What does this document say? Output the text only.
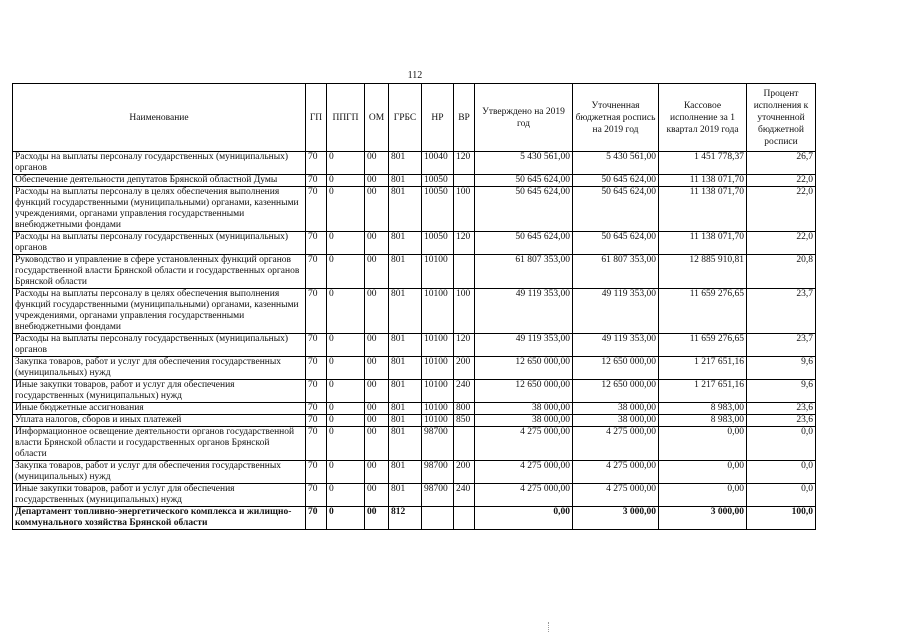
112
Наименование	ГП	ППГП	ОМ	ГРБС	НР	ВР	Утверждено на 2019 год	Уточненная бюджетная роспись на 2019 год	Кассовое исполнение за 1 квартал 2019 года	Процент исполнения к уточненной бюджетной росписи
Расходы на выплаты персоналу государственных (муниципальных) органов	70	0	00	801	10040	120	5 430 561,00	5 430 561,00	1 451 778,37	26,7
Обеспечение деятельности депутатов Брянской областной Думы	70	0	00	801	10050		50 645 624,00	50 645 624,00	11 138 071,70	22,0
Расходы на выплаты персоналу в целях обеспечения выполнения функций государственными (муниципальными) органами, казенными учреждениями, органами управления государственными внебюджетными фондами	70	0	00	801	10050	100	50 645 624,00	50 645 624,00	11 138 071,70	22,0
Расходы на выплаты персоналу государственных (муниципальных) органов	70	0	00	801	10050	120	50 645 624,00	50 645 624,00	11 138 071,70	22,0
Руководство и управление в сфере установленных функций органов государственной власти Брянской области и государственных органов Брянской области	70	0	00	801	10100		61 807 353,00	61 807 353,00	12 885 910,81	20,8
Расходы на выплаты персоналу в целях обеспечения выполнения функций государственными (муниципальными) органами, казенными учреждениями, органами управления государственными внебюджетными фондами	70	0	00	801	10100	100	49 119 353,00	49 119 353,00	11 659 276,65	23,7
Расходы на выплаты персоналу государственных (муниципальных) органов	70	0	00	801	10100	120	49 119 353,00	49 119 353,00	11 659 276,65	23,7
Закупка товаров, работ и услуг для обеспечения государственных (муниципальных) нужд	70	0	00	801	10100	200	12 650 000,00	12 650 000,00	1 217 651,16	9,6
Иные закупки товаров, работ и услуг для обеспечения государственных (муниципальных) нужд	70	0	00	801	10100	240	12 650 000,00	12 650 000,00	1 217 651,16	9,6
Иные бюджетные ассигнования	70	0	00	801	10100	800	38 000,00	38 000,00	8 983,00	23,6
Уплата налогов, сборов и иных платежей	70	0	00	801	10100	850	38 000,00	38 000,00	8 983,00	23,6
Информационное освещение деятельности органов государственной власти Брянской области и государственных органов Брянской области	70	0	00	801	98700		4 275 000,00	4 275 000,00	0,00	0,0
Закупка товаров, работ и услуг для обеспечения государственных (муниципальных) нужд	70	0	00	801	98700	200	4 275 000,00	4 275 000,00	0,00	0,0
Иные закупки товаров, работ и услуг для обеспечения государственных (муниципальных) нужд	70	0	00	801	98700	240	4 275 000,00	4 275 000,00	0,00	0,0
Департамент топливно-энергетического комплекса и жилищно-коммунального хозяйства Брянской области	70	0	00	812			0,00	3 000,00	3 000,00	100,0
